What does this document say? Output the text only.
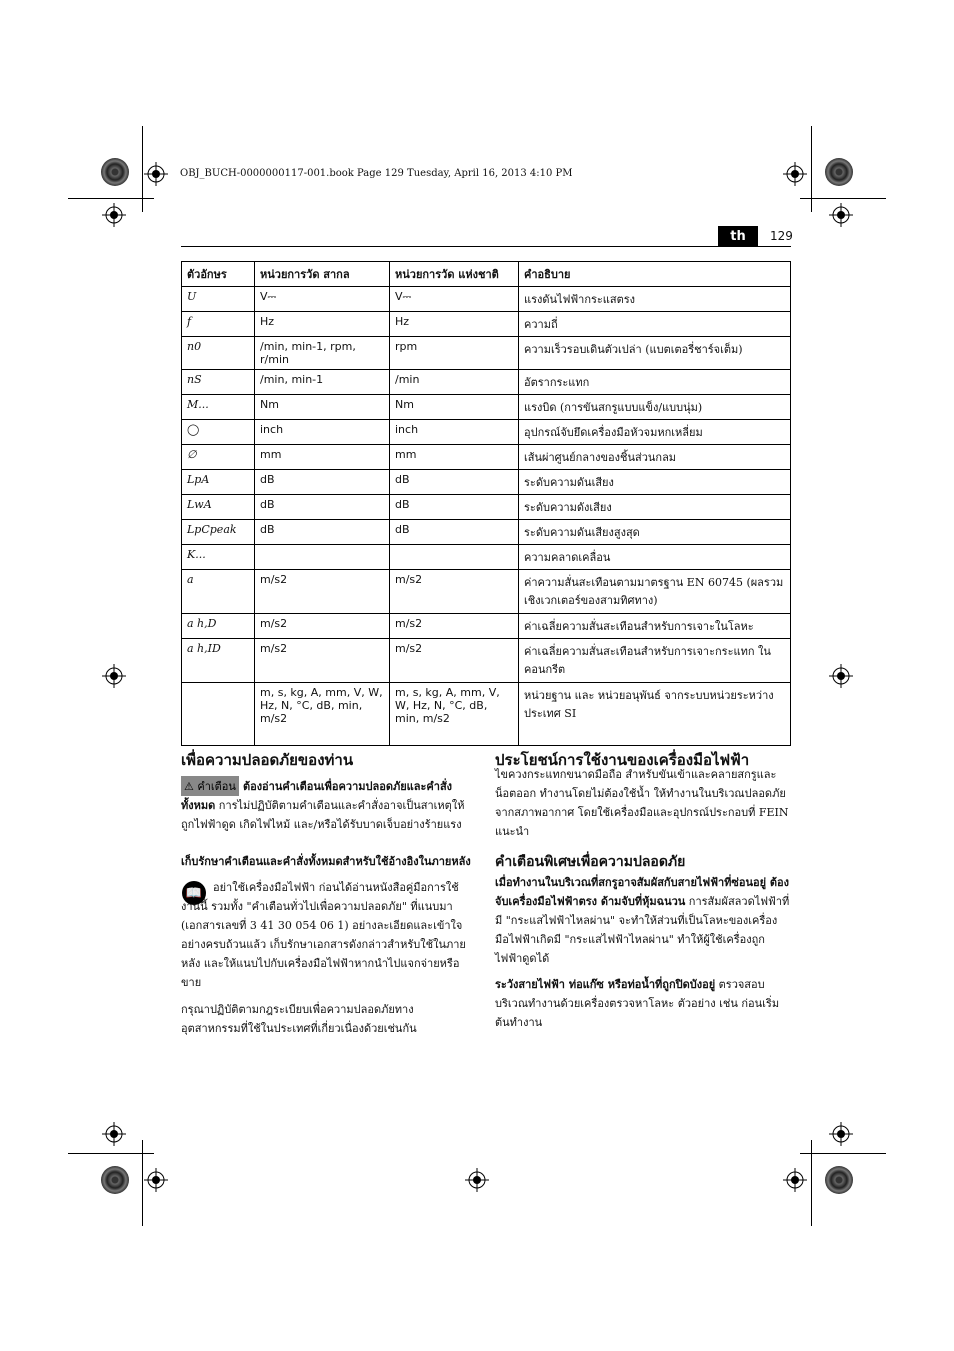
OBJ_BUCH-0000000117-001.book Page 129 Tuesday, April 16, 2013 4:10 PM
th	129
ตัวอักษร	หน่วยการวัด สากล	หน่วยการวัด แห่งชาติ	คำอธิบาย
U	V⎓	V⎓	แรงดันไฟฟ้ากระแสตรง
f	Hz	Hz	ความถี่
n0	/min, min-1, rpm, r/min	rpm	ความเร็วรอบเดินตัวเปล่า (แบตเตอรี่ชาร์จเต็ม)
nS	/min, min-1	/min	อัตรากระแทก
M...	Nm	Nm	แรงบิด (การขันสกรูแบบแข็ง/แบบนุ่ม)
◯	inch	inch	อุปกรณ์จับยึดเครื่องมือหัวจมหกเหลี่ยม
∅	mm	mm	เส้นผ่าศูนย์กลางของชิ้นส่วนกลม
LpA	dB	dB	ระดับความดันเสียง
LwA	dB	dB	ระดับความดังเสียง
LpCpeak	dB	dB	ระดับความดันเสียงสูงสุด
K...			ความคลาดเคลื่อน
a	m/s2	m/s2	ค่าความสั่นสะเทือนตามมาตรฐาน EN 60745 (ผลรวมเชิงเวกเตอร์ของสามทิศทาง)
a h,D	m/s2	m/s2	ค่าเฉลี่ยความสั่นสะเทือนสำหรับการเจาะในโลหะ
a h,ID	m/s2	m/s2	ค่าเฉลี่ยความสั่นสะเทือนสำหรับการเจาะกระแทก ในคอนกรีต
	m, s, kg, A, mm, V, W, Hz, N, °C, dB, min, m/s2	m, s, kg, A, mm, V, W, Hz, N, °C, dB, min, m/s2	หน่วยฐาน และ หน่วยอนุพันธ์ จากระบบหน่วยระหว่างประเทศ SI
เพื่อความปลอดภัยของท่าน
⚠ คำเตือน ต้องอ่านคำเตือนเพื่อความปลอดภัยและคำสั่งทั้งหมด การไม่ปฏิบัติตามคำเตือนและคำสั่งอาจเป็นสาเหตุให้ถูกไฟฟ้าดูด เกิดไฟไหม้ และ/หรือได้รับบาดเจ็บอย่างร้ายแรง
เก็บรักษาคำเตือนและคำสั่งทั้งหมดสำหรับใช้อ้างอิงในภายหลัง
📖 อย่าใช้เครื่องมือไฟฟ้า ก่อนได้อ่านหนังสือคู่มือการใช้งานนี้ รวมทั้ง "คำเตือนทั่วไปเพื่อความปลอดภัย" ที่แนบมา (เอกสารเลขที่ 3 41 30 054 06 1) อย่างละเอียดและเข้าใจอย่างครบถ้วนแล้ว เก็บรักษาเอกสารดังกล่าวสำหรับใช้ในภายหลัง และให้แนบไปกับเครื่องมือไฟฟ้าหากนำไปแจกจ่ายหรือขาย
กรุณาปฏิบัติตามกฎระเบียบเพื่อความปลอดภัยทางอุตสาหกรรมที่ใช้ในประเทศที่เกี่ยวเนื่องด้วยเช่นกัน
ประโยชน์การใช้งานของเครื่องมือไฟฟ้า
ไขควงกระแทกขนาดมือถือ สำหรับขันเข้าและคลายสกรูและน็อตออก ทำงานโดยไม่ต้องใช้น้ำ ให้ทำงานในบริเวณปลอดภัยจากสภาพอากาศ โดยใช้เครื่องมือและอุปกรณ์ประกอบที่ FEIN แนะนำ
คำเตือนพิเศษเพื่อความปลอดภัย
เมื่อทำงานในบริเวณที่สกรูอาจสัมผัสกับสายไฟฟ้าที่ซ่อนอยู่ ต้องจับเครื่องมือไฟฟ้าตรง ด้ามจับที่หุ้มฉนวน การสัมผัสลวดไฟฟ้าที่มี "กระแสไฟฟ้าไหลผ่าน" จะทำให้ส่วนที่เป็นโลหะของเครื่องมือไฟฟ้าเกิดมี "กระแสไฟฟ้าไหลผ่าน" ทำให้ผู้ใช้เครื่องถูกไฟฟ้าดูดได้
ระวังสายไฟฟ้า ท่อแก๊ซ หรือท่อน้ำที่ถูกปิดบังอยู่ ตรวจสอบบริเวณทำงานด้วยเครื่องตรวจหาโลหะ ตัวอย่าง เช่น ก่อนเริ่มต้นทำงาน
